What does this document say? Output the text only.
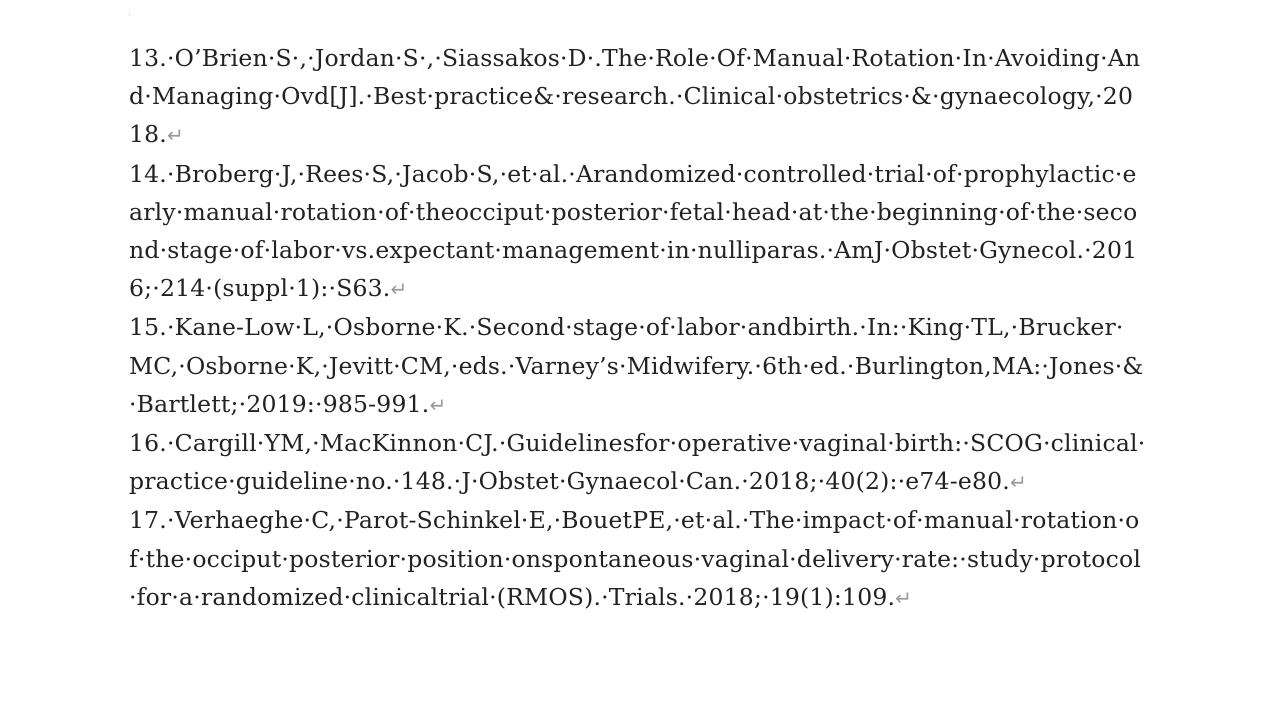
·

13.·O’Brien·S·,·Jordan·S·,·Siassakos·D·.The·Role·Of·Manual·Rotation·In·Avoiding·And·Managing·Ovd[J].·Best·practice&·research.·Clinical·obstetrics·&·gynaecology,·2018.↵

14.·Broberg·J,·Rees·S,·Jacob·S,·et·al.·Arandomized·controlled·trial·of·prophylactic·early·manual·rotation·of·theocciput·posterior·fetal·head·at·the·beginning·of·the·second·stage·of·labor·vs.expectant·management·in·nulliparas.·AmJ·Obstet·Gynecol.·2016;·214·(suppl·1):·S63.↵

15.·Kane-Low·L,·Osborne·K.·Second·stage·of·labor·andbirth.·In:·King·TL,·Brucker·MC,·Osborne·K,·Jevitt·CM,·eds.·Varney’s·Midwifery.·6th·ed.·Burlington,MA:·Jones·&·Bartlett;·2019:·985-991.↵

16.·Cargill·YM,·MacKinnon·CJ.·Guidelinesfor·operative·vaginal·birth:·SCOG·clinical·practice·guideline·no.·148.·J·Obstet·Gynaecol·Can.·2018;·40(2):·e74-e80.↵

17.·Verhaeghe·C,·Parot-Schinkel·E,·BouetPE,·et·al.·The·impact·of·manual·rotation·of·the·occiput·posterior·position·onspontaneous·vaginal·delivery·rate:·study·protocol·for·a·randomized·clinicaltrial·(RMOS).·Trials.·2018;·19(1):109.↵
